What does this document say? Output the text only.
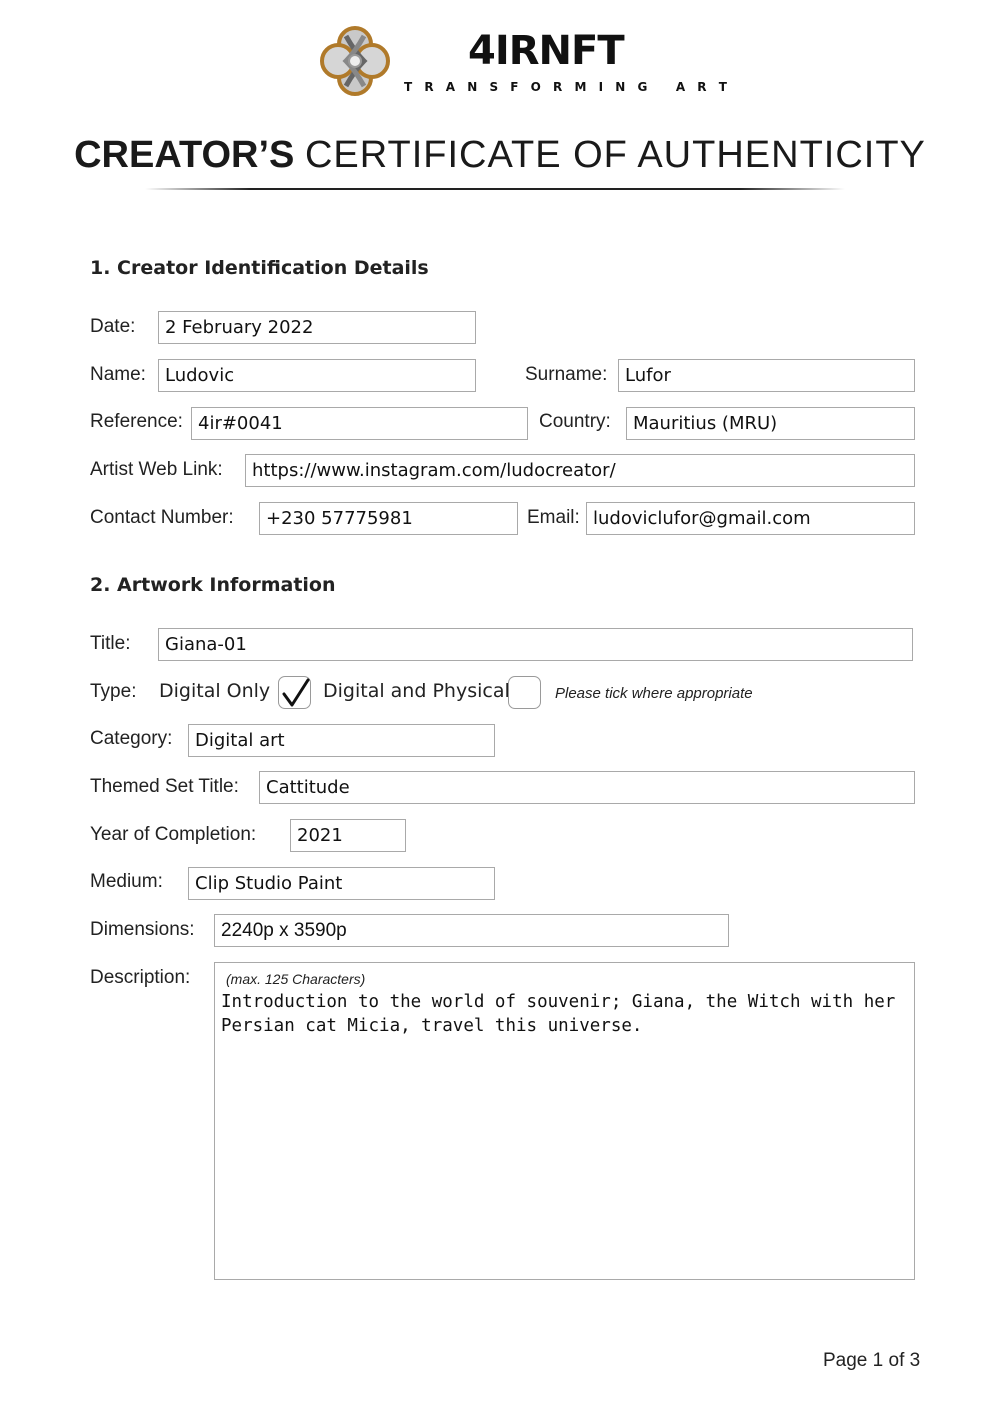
4IRNFT
T R A N S F O R M I N G   A R T
CREATOR’S CERTIFICATE OF AUTHENTICITY
1. Creator Identification Details
Date:	2 February 2022
Name:	Ludovic	Surname: Lufor
Reference: 4ir#0041	Country:	Mauritius (MRU)
Artist Web Link:	https://www.instagram.com/ludocreator/
Contact Number:	+230 57775981	Email: ludoviclufor@gmail.com
2. Artwork Information
Title:	Giana-01
Type: Digital Only	Digital and Physical	Please tick where appropriate
Category:	Digital art
Themed Set Title:	Cattitude
Year of Completion:	2021
Medium:	Clip Studio Paint
Dimensions:	2240p x 3590p
Description:	(max. 125 Characters)
Introduction to the world of souvenir; Giana, the Witch with her Persian cat Micia, travel this universe.
Page 1 of 3
